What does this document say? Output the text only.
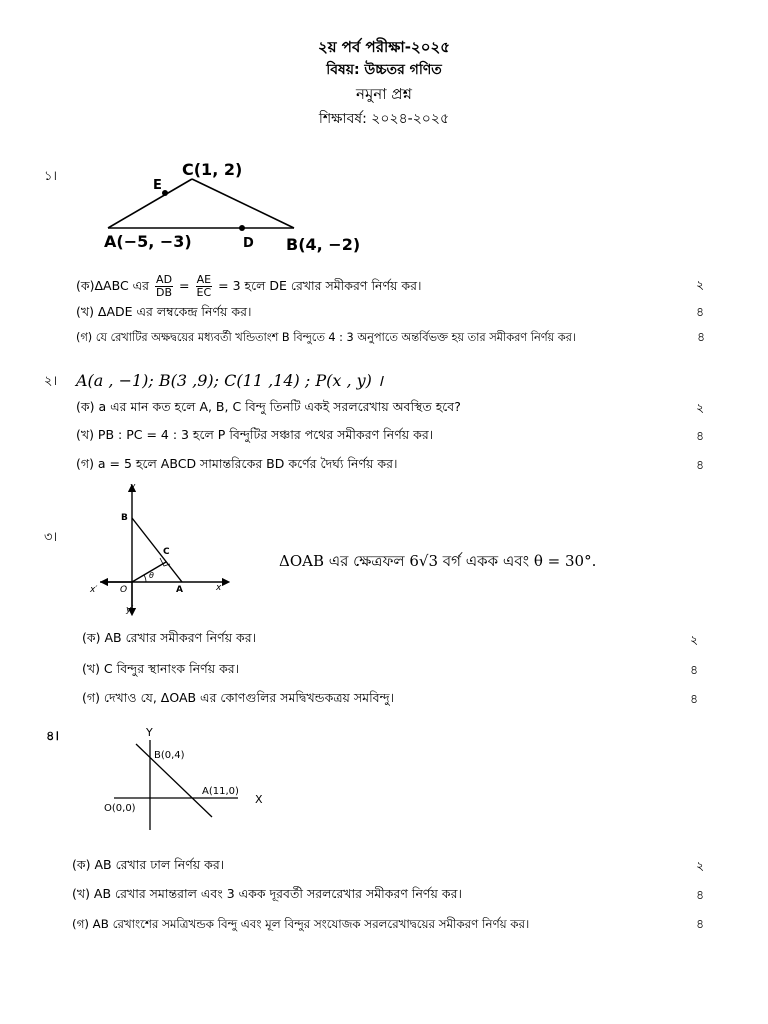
২য় পর্ব পরীক্ষা-২০২৫
বিষয়: উচ্চতর গণিত
নমুনা প্রশ্ন
শিক্ষাবর্ষ: ২০২৪-২০২৫
১।	C(1, 2)
E
A(−5, −3)	D B(4, −2)
(ক)ΔABC এর $\frac{AD}{DB} = \frac{AE}{EC} = 3$ হলে DE রেখার সমীকরণ নির্ণয় কর।	২
(খ) ΔADE এর লম্বকেন্দ্র নির্ণয় কর।	৪
(গ) যে রেখাটির অক্ষদ্বয়ের মধ্যবর্তী খন্ডিতাংশ B বিন্দুতে 4 : 3 অনুপাতে অন্তর্বিভক্ত হয় তার সমীকরণ নির্ণয় কর।	৪
২। A(a , −1); B(3 ,9); C(11 ,14) ; P(x , y) ।
(ক) a এর মান কত হলে A, B, C বিন্দু তিনটি একই সরলরেখায় অবস্থিত হবে?	২
(খ) PB : PC = 4 : 3 হলে P বিন্দুটির সঞ্চার পথের সমীকরণ নির্ণয় কর।	৪
(গ) a = 5 হলে ABCD সামান্তরিকের BD কর্ণের দৈর্ঘ্য নির্ণয় কর।	৪
৩।
y
B
C
θ
x′	O	A	x
y′
ΔOAB এর ক্ষেত্রফল 6√3 বর্গ একক এবং θ = 30°.
(ক) AB রেখার সমীকরণ নির্ণয় কর।	২
(খ) C বিন্দুর স্থানাংক নির্ণয় কর।	৪
(গ) দেখাও যে, ΔOAB এর কোণগুলির সমদ্বিখন্ডকত্রয় সমবিন্দু।	৪
৪।	Y
B(0,4)
A(11,0)
X
O(0,0)
(ক) AB রেখার ঢাল নির্ণয় কর।	২
(খ) AB রেখার সমান্তরাল এবং 3 একক দূরবর্তী সরলরেখার সমীকরণ নির্ণয় কর।	৪
(গ) AB রেখাংশের সমত্রিখন্ডক বিন্দু এবং মূল বিন্দুর সংযোজক সরলরেখাদ্বয়ের সমীকরণ নির্ণয় কর।	৪
